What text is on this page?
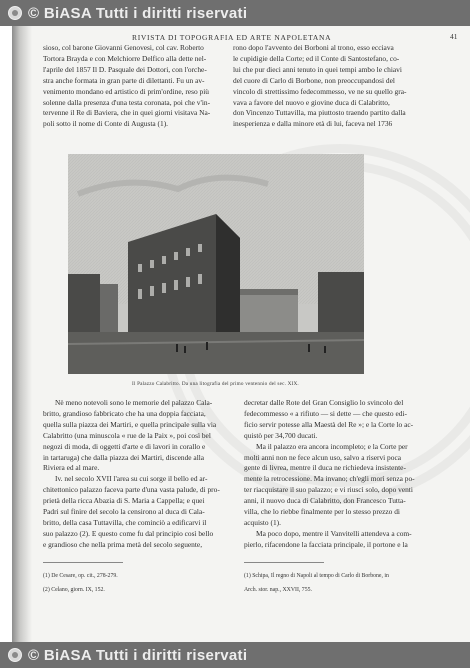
© BiASA Tutti i diritti riservati
RIVISTA DI TOPOGRAFIA ED ARTE NAPOLETANA	41

sioso, col barone Giovanni Genovesi, col cav. Roberto

Tortora Brayda e con Melchiorre Delfico alla dette nel-

l'aprile del 1857 Il D. Pasquale dei Dottori, con l'orche-

stra anche formata in gran parte di dilettanti. Fu un av-

venimento mondano ed artistico di prim'ordine, reso più

solenne dalla presenza d'una testa coronata, poi che v'in-

tervenne il Re di Baviera, che in quei giorni visitava Na-

poli sotto il nome di Conte di Augusta (1).

rono dopo l'avvento dei Borboni al trono, esso ecciava

le cupidigie della Corte; ed il Conte di Santostefano, co-

lui che pur dieci anni tenuto in quei tempi ambo le chiavi

del cuore di Carlo di Borbone, non preoccupandosi del

vincolo di strettissimo fedecommesso, ve ne su quello gra-

vava a favore del nuovo e giovine duca di Calabritto,

don Vincenzo Tuttavilla, ma piuttosto traendo partito dalla

inesperienza e dalla minore età di lui, faceva nel 1736

Il Palazzo Calabritto. Da una litografia del primo ventennio del sec. XIX.

Nè meno notevoli sono le memorie del palazzo Cala-

britto, grandioso fabbricato che ha una doppia facciata,

quella sulla piazza dei Martiri, e quella principale sulla via

Calabritto (una minuscola « rue de la Paix », poi così bel

negozi di moda, di oggetti d'arte e di lavori in corallo e

in tartaruga) che dalla piazza dei Martiri, discende alla

Riviera ed al mare.

Iv. nel secolo XVII l'area su cui sorge il bello ed ar-

chitettonico palazzo faceva parte d'una vasta palude, di pro-

prietà della ricca Abazia di S. Maria a Cappella; e quei

Padri sul finire del secolo la censirono al duca di Cala-

britto, della casa Tuttavilla, che cominciò a edificarvi il

suo palazzo (2). E questo come fu dal principio così bello

e grandioso che nella prima metà del secolo seguente,

decretar dalle Rote del Gran Consiglio lo svincolo del

fedecommesso « a rifiuto — si dette — che questo edi-

ficio servir potesse alla Maestà del Re »; e la Corte lo ac-

quistò per 34,700 ducati.

Ma il palazzo era ancora incompleto; e la Corte per

molti anni non ne fece alcun uso, salvo a riservi poca

gente di livrea, mentre il duca ne richiedeva insistente-

mente la retrocessione. Ma invano; ch'egli morì senza po-

ter riacquistare il suo palazzo; e vi riuscì solo, dopo venti

anni, il nuovo duca di Calabritto, don Francesco Tutta-

villa, che lo riebbe finalmente per lo stesso prezzo di

acquisto (1).

Ma poco dopo, mentre il Vanvitelli attendeva a com-

pierlo, rifacendone la facciata principale, il portone e la

(1) De Cesare, op. cit., 278-279.

(2) Celano, giorn. IX, 152.

(1) Schipa, Il regno di Napoli al tempo di Carlo di Borbone, in

Arch. stor. nap., XXVII, 755.

© BiASA Tutti i diritti riservati
